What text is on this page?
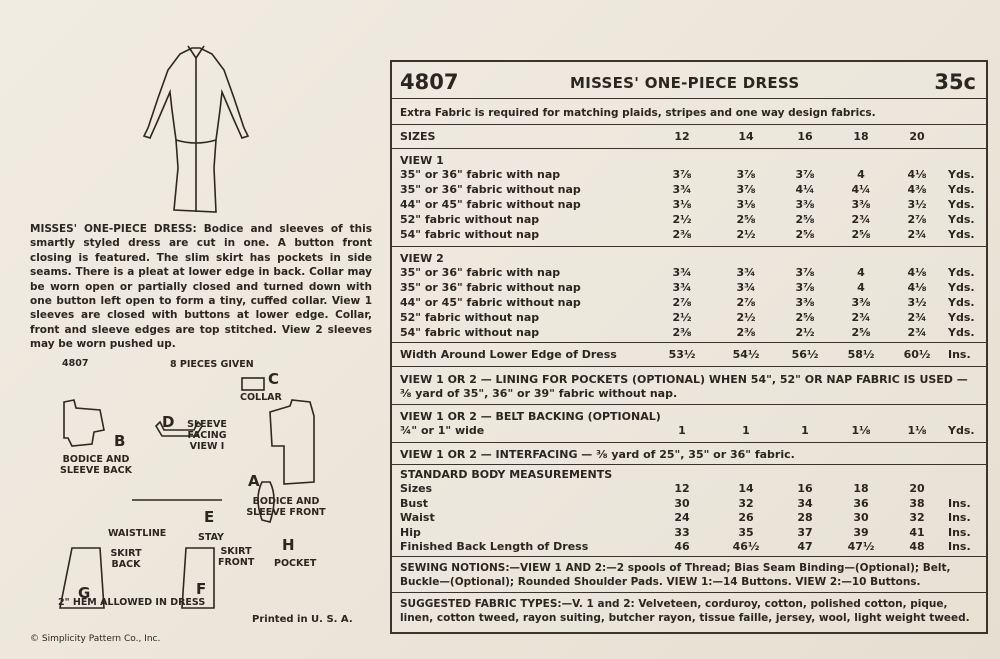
MISSES' ONE-PIECE DRESS: Bodice and sleeves of this smartly styled dress are cut in one. A button front closing is featured. The slim skirt has pockets in side seams. There is a pleat at lower edge in back. Collar may be worn open or partially closed and turned down with one button left open to form a tiny, cuffed collar. View 1 sleeves are closed with buttons at lower edge. Collar, front and sleeve edges are top stitched. View 2 sleeves may be worn pushed up.
4807	8 PIECES GIVEN
C
COLLAR
B
BODICE AND SLEEVE BACK
D	SLEEVE FACING VIEW I
A
BODICE AND SLEEVE FRONT
E
WAISTLINE	STAY	H
POCKET
G
SKIRT BACK
F
SKIRT FRONT
2" HEM ALLOWED IN DRESS
Printed in U. S. A.
© Simplicity Pattern Co., Inc.
4807	MISSES' ONE-PIECE DRESS	35c
Extra Fabric is required for matching plaids, stripes and one way design fabrics.
SIZES	12	14	16	18	20
VIEW 1
35" or 36" fabric with nap	3⅞	3⅞	3⅞	4	4⅛	Yds.
35" or 36" fabric without nap	3¾	3⅞	4¼	4¼	4⅜	Yds.
44" or 45" fabric without nap	3⅛	3⅛	3⅜	3⅜	3½	Yds.
52" fabric without nap	2½	2⅝	2⅝	2¾	2⅞	Yds.
54" fabric without nap	2⅜	2½	2⅝	2⅝	2¾	Yds.
VIEW 2
35" or 36" fabric with nap	3¾	3¾	3⅞	4	4⅛	Yds.
35" or 36" fabric without nap	3¾	3¾	3⅞	4	4⅛	Yds.
44" or 45" fabric without nap	2⅞	2⅞	3⅜	3⅜	3½	Yds.
52" fabric without nap	2½	2½	2⅝	2¾	2¾	Yds.
54" fabric without nap	2⅜	2⅜	2½	2⅝	2¾	Yds.
Width Around Lower Edge of Dress	53½	54½	56½	58½	60½	Ins.
VIEW 1 OR 2 — LINING FOR POCKETS (OPTIONAL) WHEN 54", 52" OR NAP FABRIC IS USED —
⅜ yard of 35", 36" or 39" fabric without nap.
VIEW 1 OR 2 — BELT BACKING (OPTIONAL)
¾" or 1" wide	1	1	1	1⅛	1⅛	Yds.
VIEW 1 OR 2 — INTERFACING — ⅜ yard of 25", 35" or 36" fabric.
STANDARD BODY MEASUREMENTS
Sizes	12	14	16	18	20
Bust	30	32	34	36	38	Ins.
Waist	24	26	28	30	32	Ins.
Hip	33	35	37	39	41	Ins.
Finished Back Length of Dress	46	46½	47	47½	48	Ins.
SEWING NOTIONS:—VIEW 1 AND 2:—2 spools of Thread; Bias Seam Binding—(Optional); Belt,
Buckle—(Optional); Rounded Shoulder Pads. VIEW 1:—14 Buttons. VIEW 2:—10 Buttons.
SUGGESTED FABRIC TYPES:—V. 1 and 2: Velveteen, corduroy, cotton, polished cotton, pique,
linen, cotton tweed, rayon suiting, butcher rayon, tissue faille, jersey, wool, light weight tweed.
